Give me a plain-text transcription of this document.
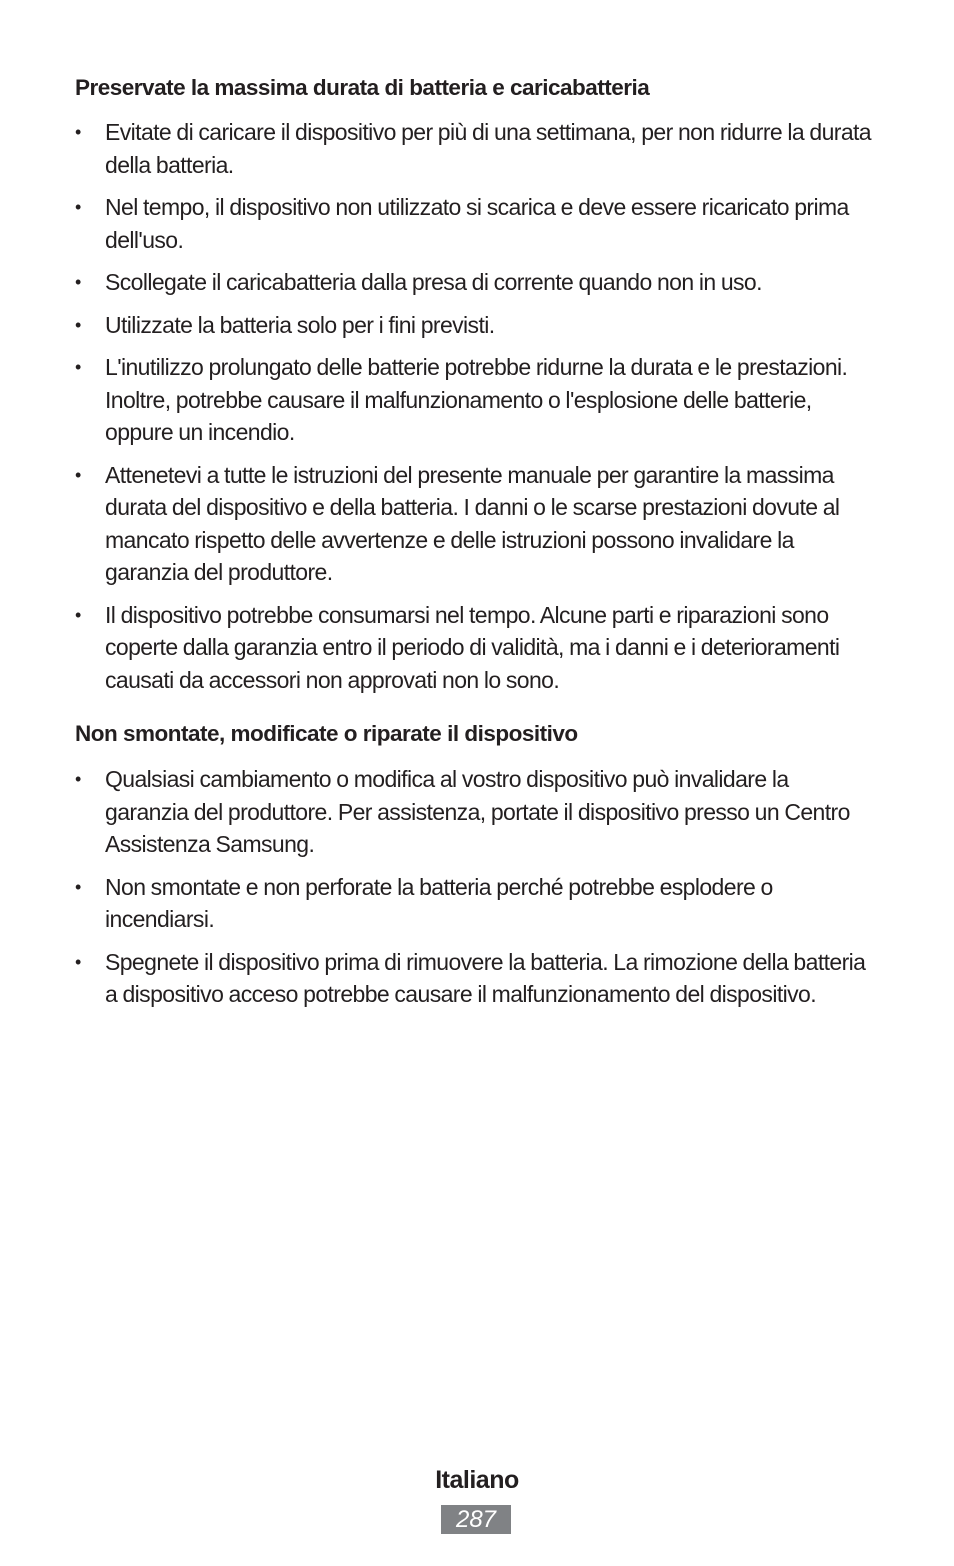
Preservate la massima durata di batteria e caricabatteria
• Evitate di caricare il dispositivo per più di una settimana, per non ridurre la durata della batteria.
• Nel tempo, il dispositivo non utilizzato si scarica e deve essere ricaricato prima dell'uso.
• Scollegate il caricabatteria dalla presa di corrente quando non in uso.
• Utilizzate la batteria solo per i fini previsti.
• L'inutilizzo prolungato delle batterie potrebbe ridurne la durata e le prestazioni. Inoltre, potrebbe causare il malfunzionamento o l'esplosione delle batterie, oppure un incendio.
• Attenetevi a tutte le istruzioni del presente manuale per garantire la massima durata del dispositivo e della batteria. I danni o le scarse prestazioni dovute al mancato rispetto delle avvertenze e delle istruzioni possono invalidare la garanzia del produttore.
• Il dispositivo potrebbe consumarsi nel tempo. Alcune parti e riparazioni sono coperte dalla garanzia entro il periodo di validità, ma i danni e i deterioramenti causati da accessori non approvati non lo sono.
Non smontate, modificate o riparate il dispositivo
• Qualsiasi cambiamento o modifica al vostro dispositivo può invalidare la garanzia del produttore. Per assistenza, portate il dispositivo presso un Centro Assistenza Samsung.
• Non smontate e non perforate la batteria perché potrebbe esplodere o incendiarsi.
• Spegnete il dispositivo prima di rimuovere la batteria. La rimozione della batteria a dispositivo acceso potrebbe causare il malfunzionamento del dispositivo.
Italiano
287
